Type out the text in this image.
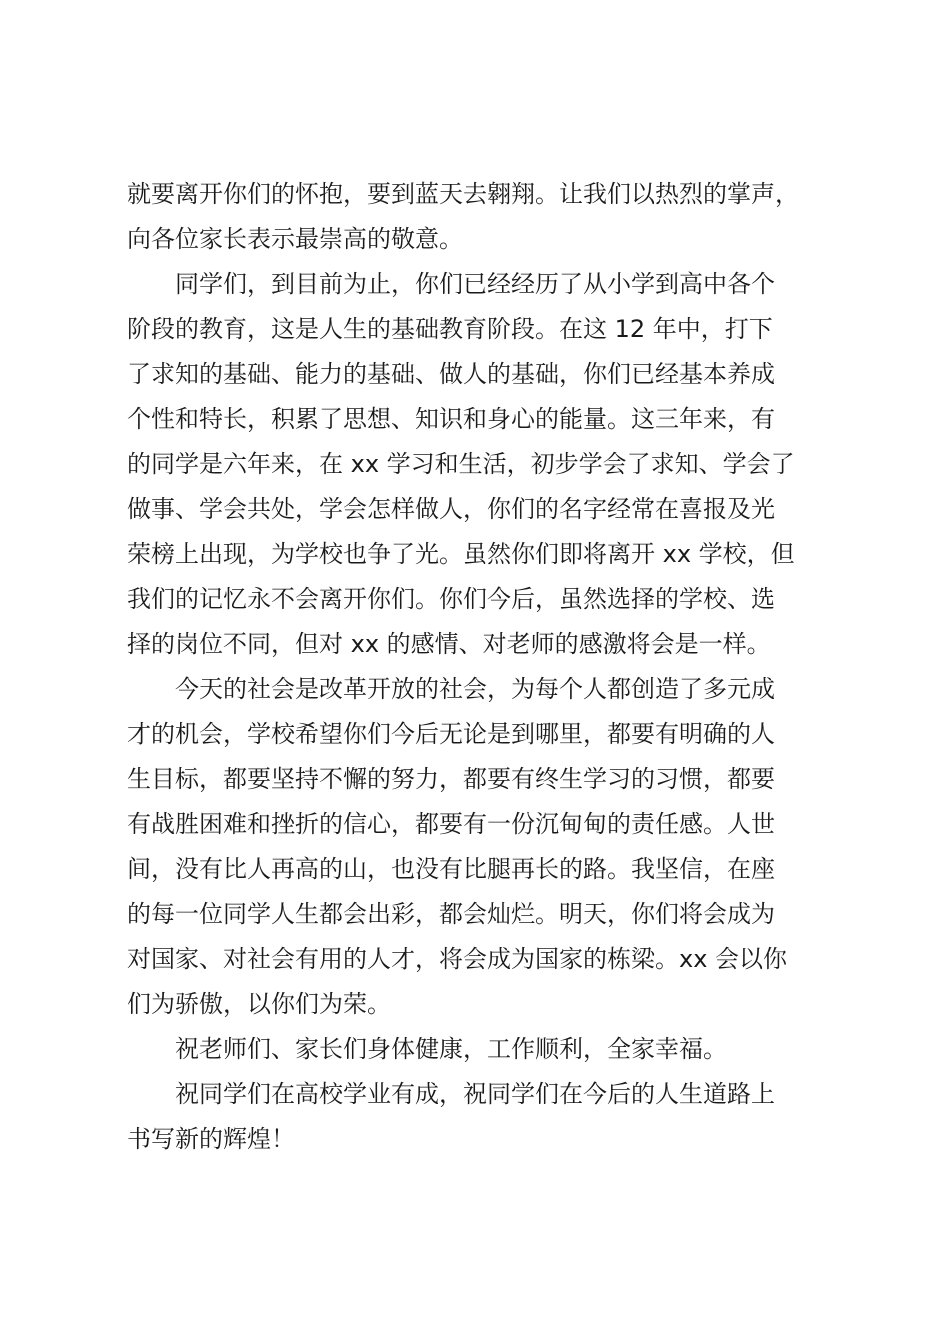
就要离开你们的怀抱，要到蓝天去翱翔。让我们以热烈的掌声，
向各位家长表示最崇高的敬意。
同学们，到目前为止，你们已经经历了从小学到高中各个
阶段的教育，这是人生的基础教育阶段。在这 12 年中，打下
了求知的基础、能力的基础、做人的基础，你们已经基本养成
个性和特长，积累了思想、知识和身心的能量。这三年来，有
的同学是六年来，在 xx 学习和生活，初步学会了求知、学会了
做事、学会共处，学会怎样做人，你们的名字经常在喜报及光
荣榜上出现，为学校也争了光。虽然你们即将离开 xx 学校，但
我们的记忆永不会离开你们。你们今后，虽然选择的学校、选
择的岗位不同，但对 xx 的感情、对老师的感激将会是一样。
今天的社会是改革开放的社会，为每个人都创造了多元成
才的机会，学校希望你们今后无论是到哪里，都要有明确的人
生目标，都要坚持不懈的努力，都要有终生学习的习惯，都要
有战胜困难和挫折的信心，都要有一份沉甸甸的责任感。人世
间，没有比人再高的山，也没有比腿再长的路。我坚信，在座
的每一位同学人生都会出彩，都会灿烂。明天，你们将会成为
对国家、对社会有用的人才，将会成为国家的栋梁。xx 会以你
们为骄傲，以你们为荣。
祝老师们、家长们身体健康，工作顺利，全家幸福。
祝同学们在高校学业有成，祝同学们在今后的人生道路上
书写新的辉煌！
